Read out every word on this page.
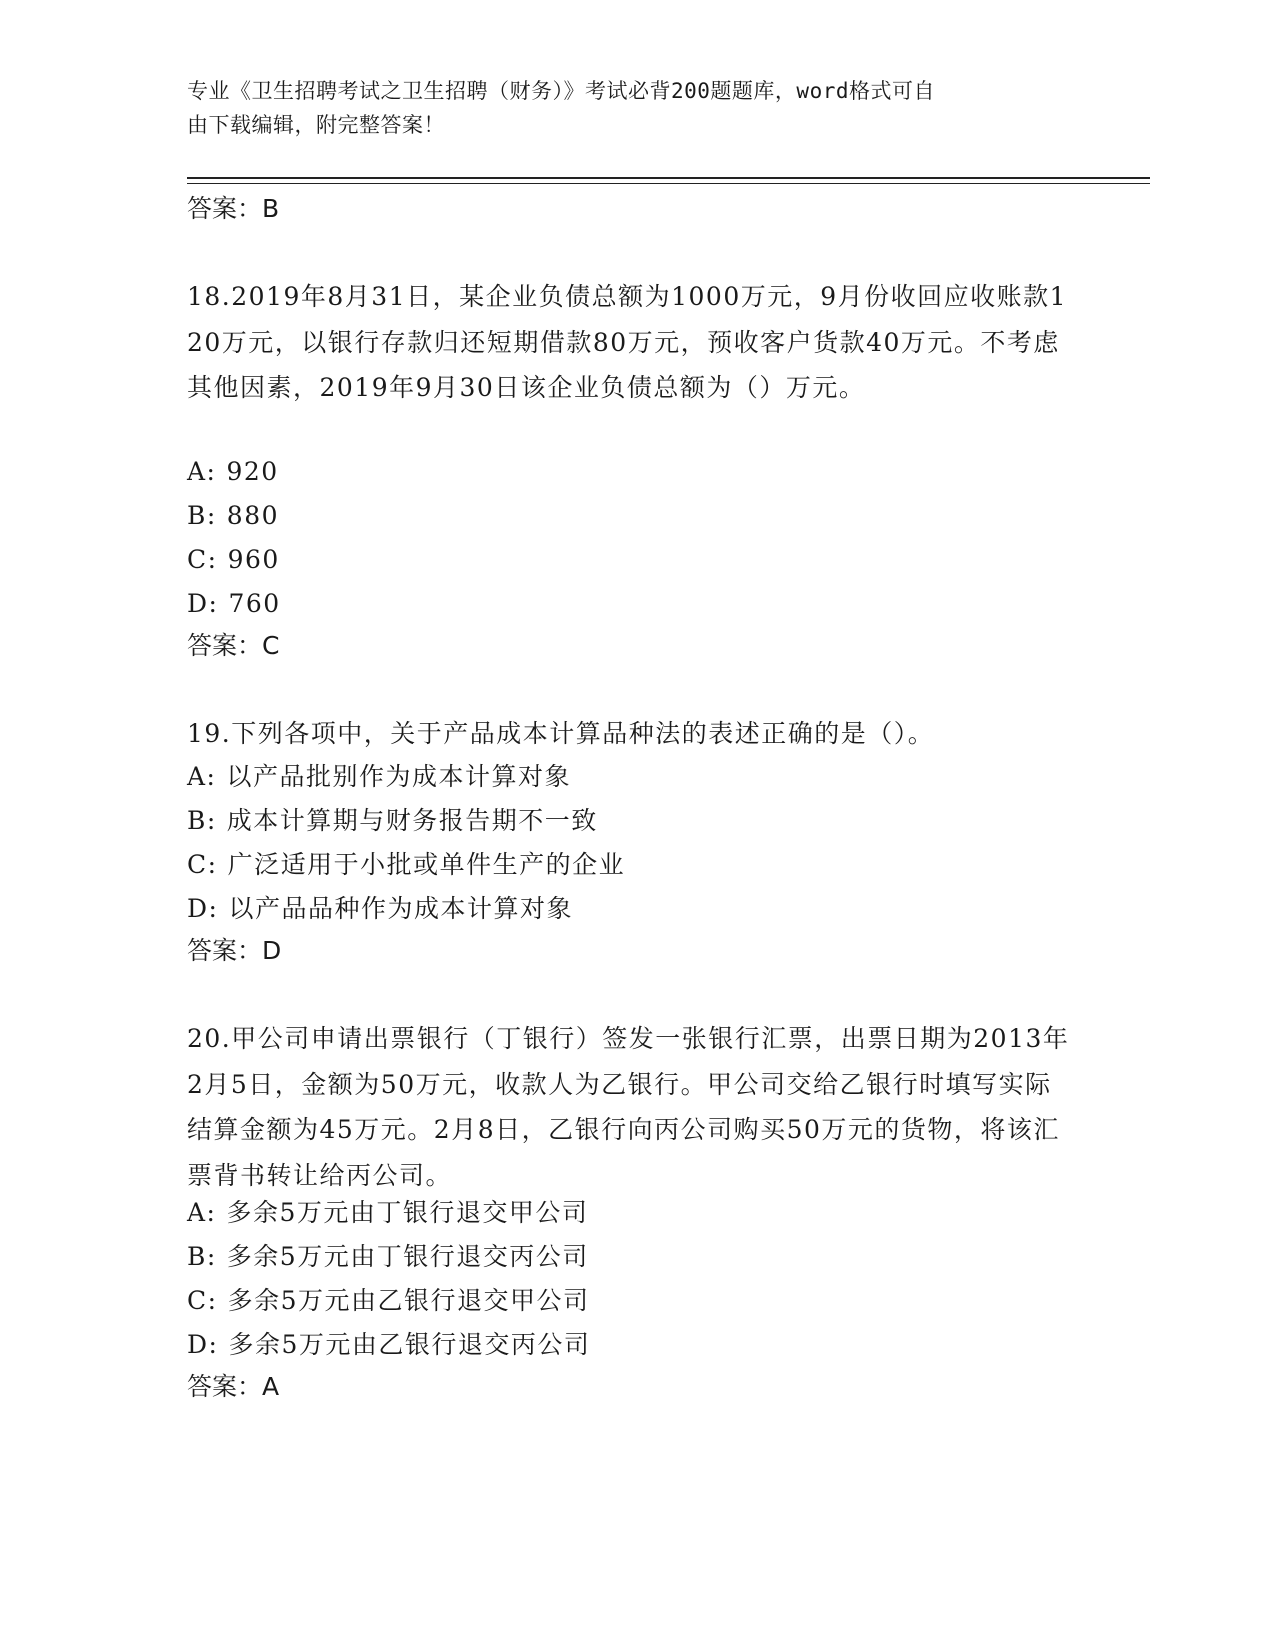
专业《卫生招聘考试之卫生招聘（财务）》考试必背200题题库，word格式可自
由下载编辑，附完整答案！
答案：B
18.2019年8月31日，某企业负债总额为1000万元，9月份收回应收账款120万元，以银行存款归还短期借款80万元，预收客户货款40万元。不考虑其他因素，2019年9月30日该企业负债总额为（）万元。
A: 920
B: 880
C: 960
D: 760
答案：C
19.下列各项中，关于产品成本计算品种法的表述正确的是（）。
A: 以产品批别作为成本计算对象
B: 成本计算期与财务报告期不一致
C: 广泛适用于小批或单件生产的企业
D: 以产品品种作为成本计算对象
答案：D
20.甲公司申请出票银行（丁银行）签发一张银行汇票，出票日期为2013年2月5日，金额为50万元，收款人为乙银行。甲公司交给乙银行时填写实际结算金额为45万元。2月8日，乙银行向丙公司购买50万元的货物，将该汇票背书转让给丙公司。
A: 多余5万元由丁银行退交甲公司
B: 多余5万元由丁银行退交丙公司
C: 多余5万元由乙银行退交甲公司
D: 多余5万元由乙银行退交丙公司
答案：A
